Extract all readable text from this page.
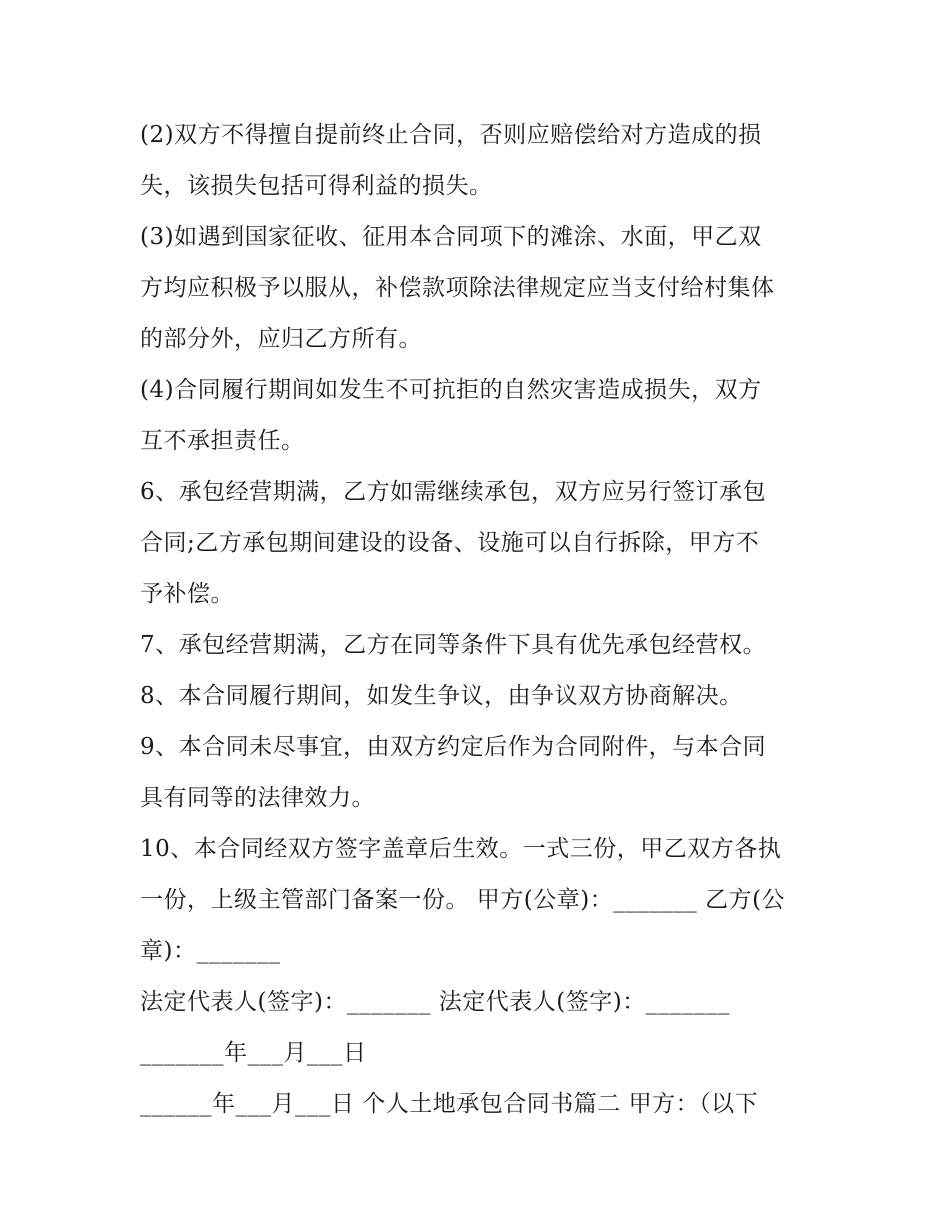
(2)双方不得擅自提前终止合同，否则应赔偿给对方造成的损
失，该损失包括可得利益的损失。
(3)如遇到国家征收、征用本合同项下的滩涂、水面，甲乙双
方均应积极予以服从，补偿款项除法律规定应当支付给村集体
的部分外，应归乙方所有。
(4)合同履行期间如发生不可抗拒的自然灾害造成损失，双方
互不承担责任。
6、承包经营期满，乙方如需继续承包，双方应另行签订承包
合同;乙方承包期间建设的设备、设施可以自行拆除，甲方不
予补偿。
7、承包经营期满，乙方在同等条件下具有优先承包经营权。
8、本合同履行期间，如发生争议，由争议双方协商解决。
9、本合同未尽事宜，由双方约定后作为合同附件，与本合同
具有同等的法律效力。
10、本合同经双方签字盖章后生效。一式三份，甲乙双方各执
一份，上级主管部门备案一份。 甲方(公章)：_______ 乙方(公
章)：_______
法定代表人(签字)：_______ 法定代表人(签字)：_______
_______年___月___日
______年___月___日 个人土地承包合同书篇二 甲方：（以下
